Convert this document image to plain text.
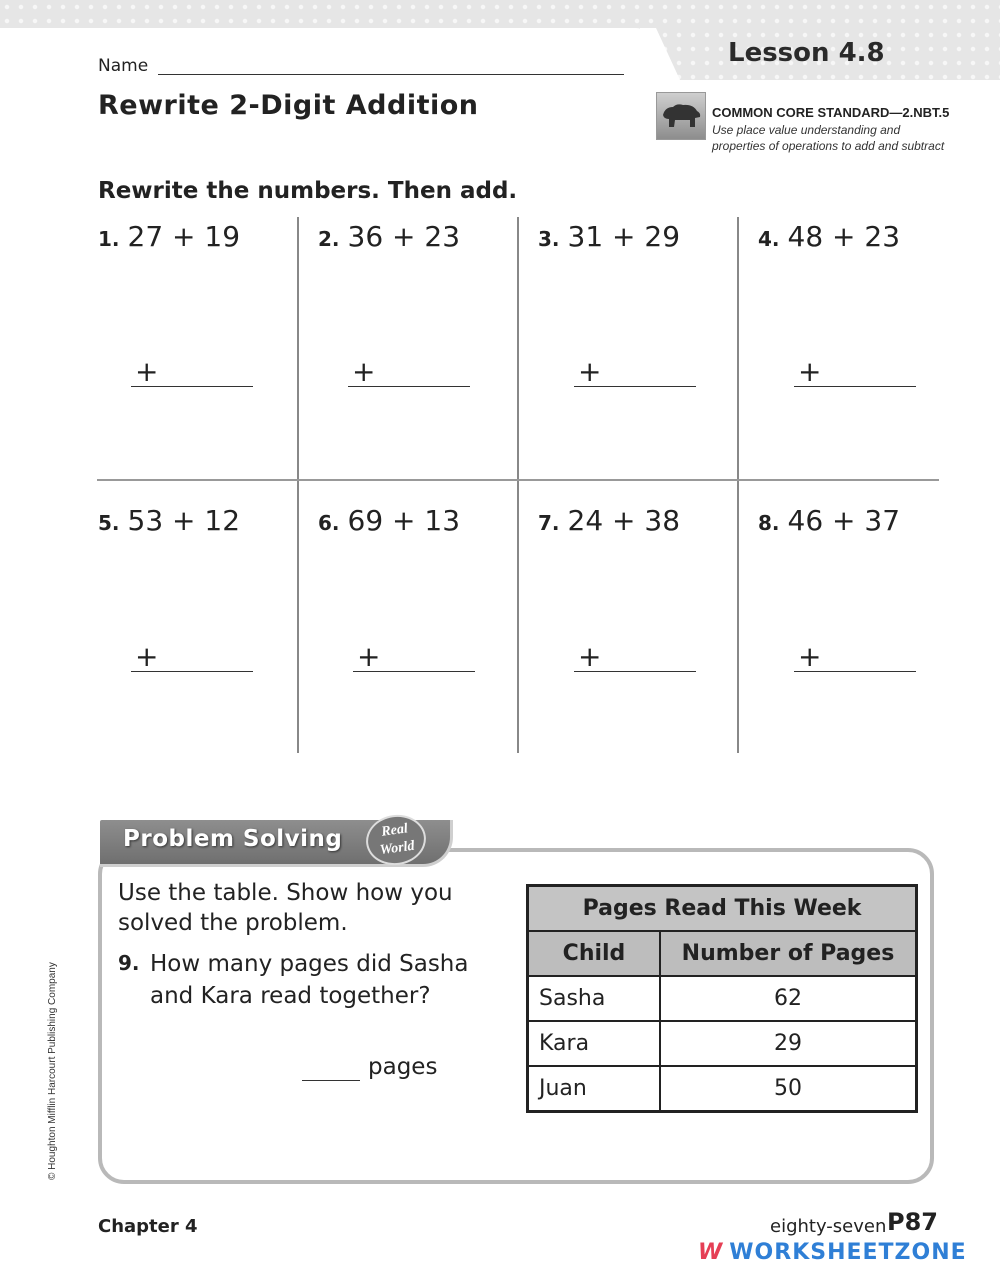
Name	Lesson 4.8
Rewrite 2-Digit Addition	COMMON CORE STANDARD—2.NBT.5
Use place value understanding and properties of operations to add and subtract
Rewrite the numbers. Then add.
1. 27 + 19	2. 36 + 23	3. 31 + 29	4. 48 + 23
5. 53 + 12	6. 69 + 13	7. 24 + 38	8. 46 + 37
+	+	+	+
+	+	+	+
Problem Solving	Real
World
Use the table. Show how you solved the problem.
9. How many pages did Sasha and Kara read together?
pages
Pages Read This Week	
Child	Number of Pages
Sasha	62
Kara	29
Juan	50
© Houghton Mifflin Harcourt Publishing Company
Chapter 4	eighty-seven P87
W WORKSHEETZONE
